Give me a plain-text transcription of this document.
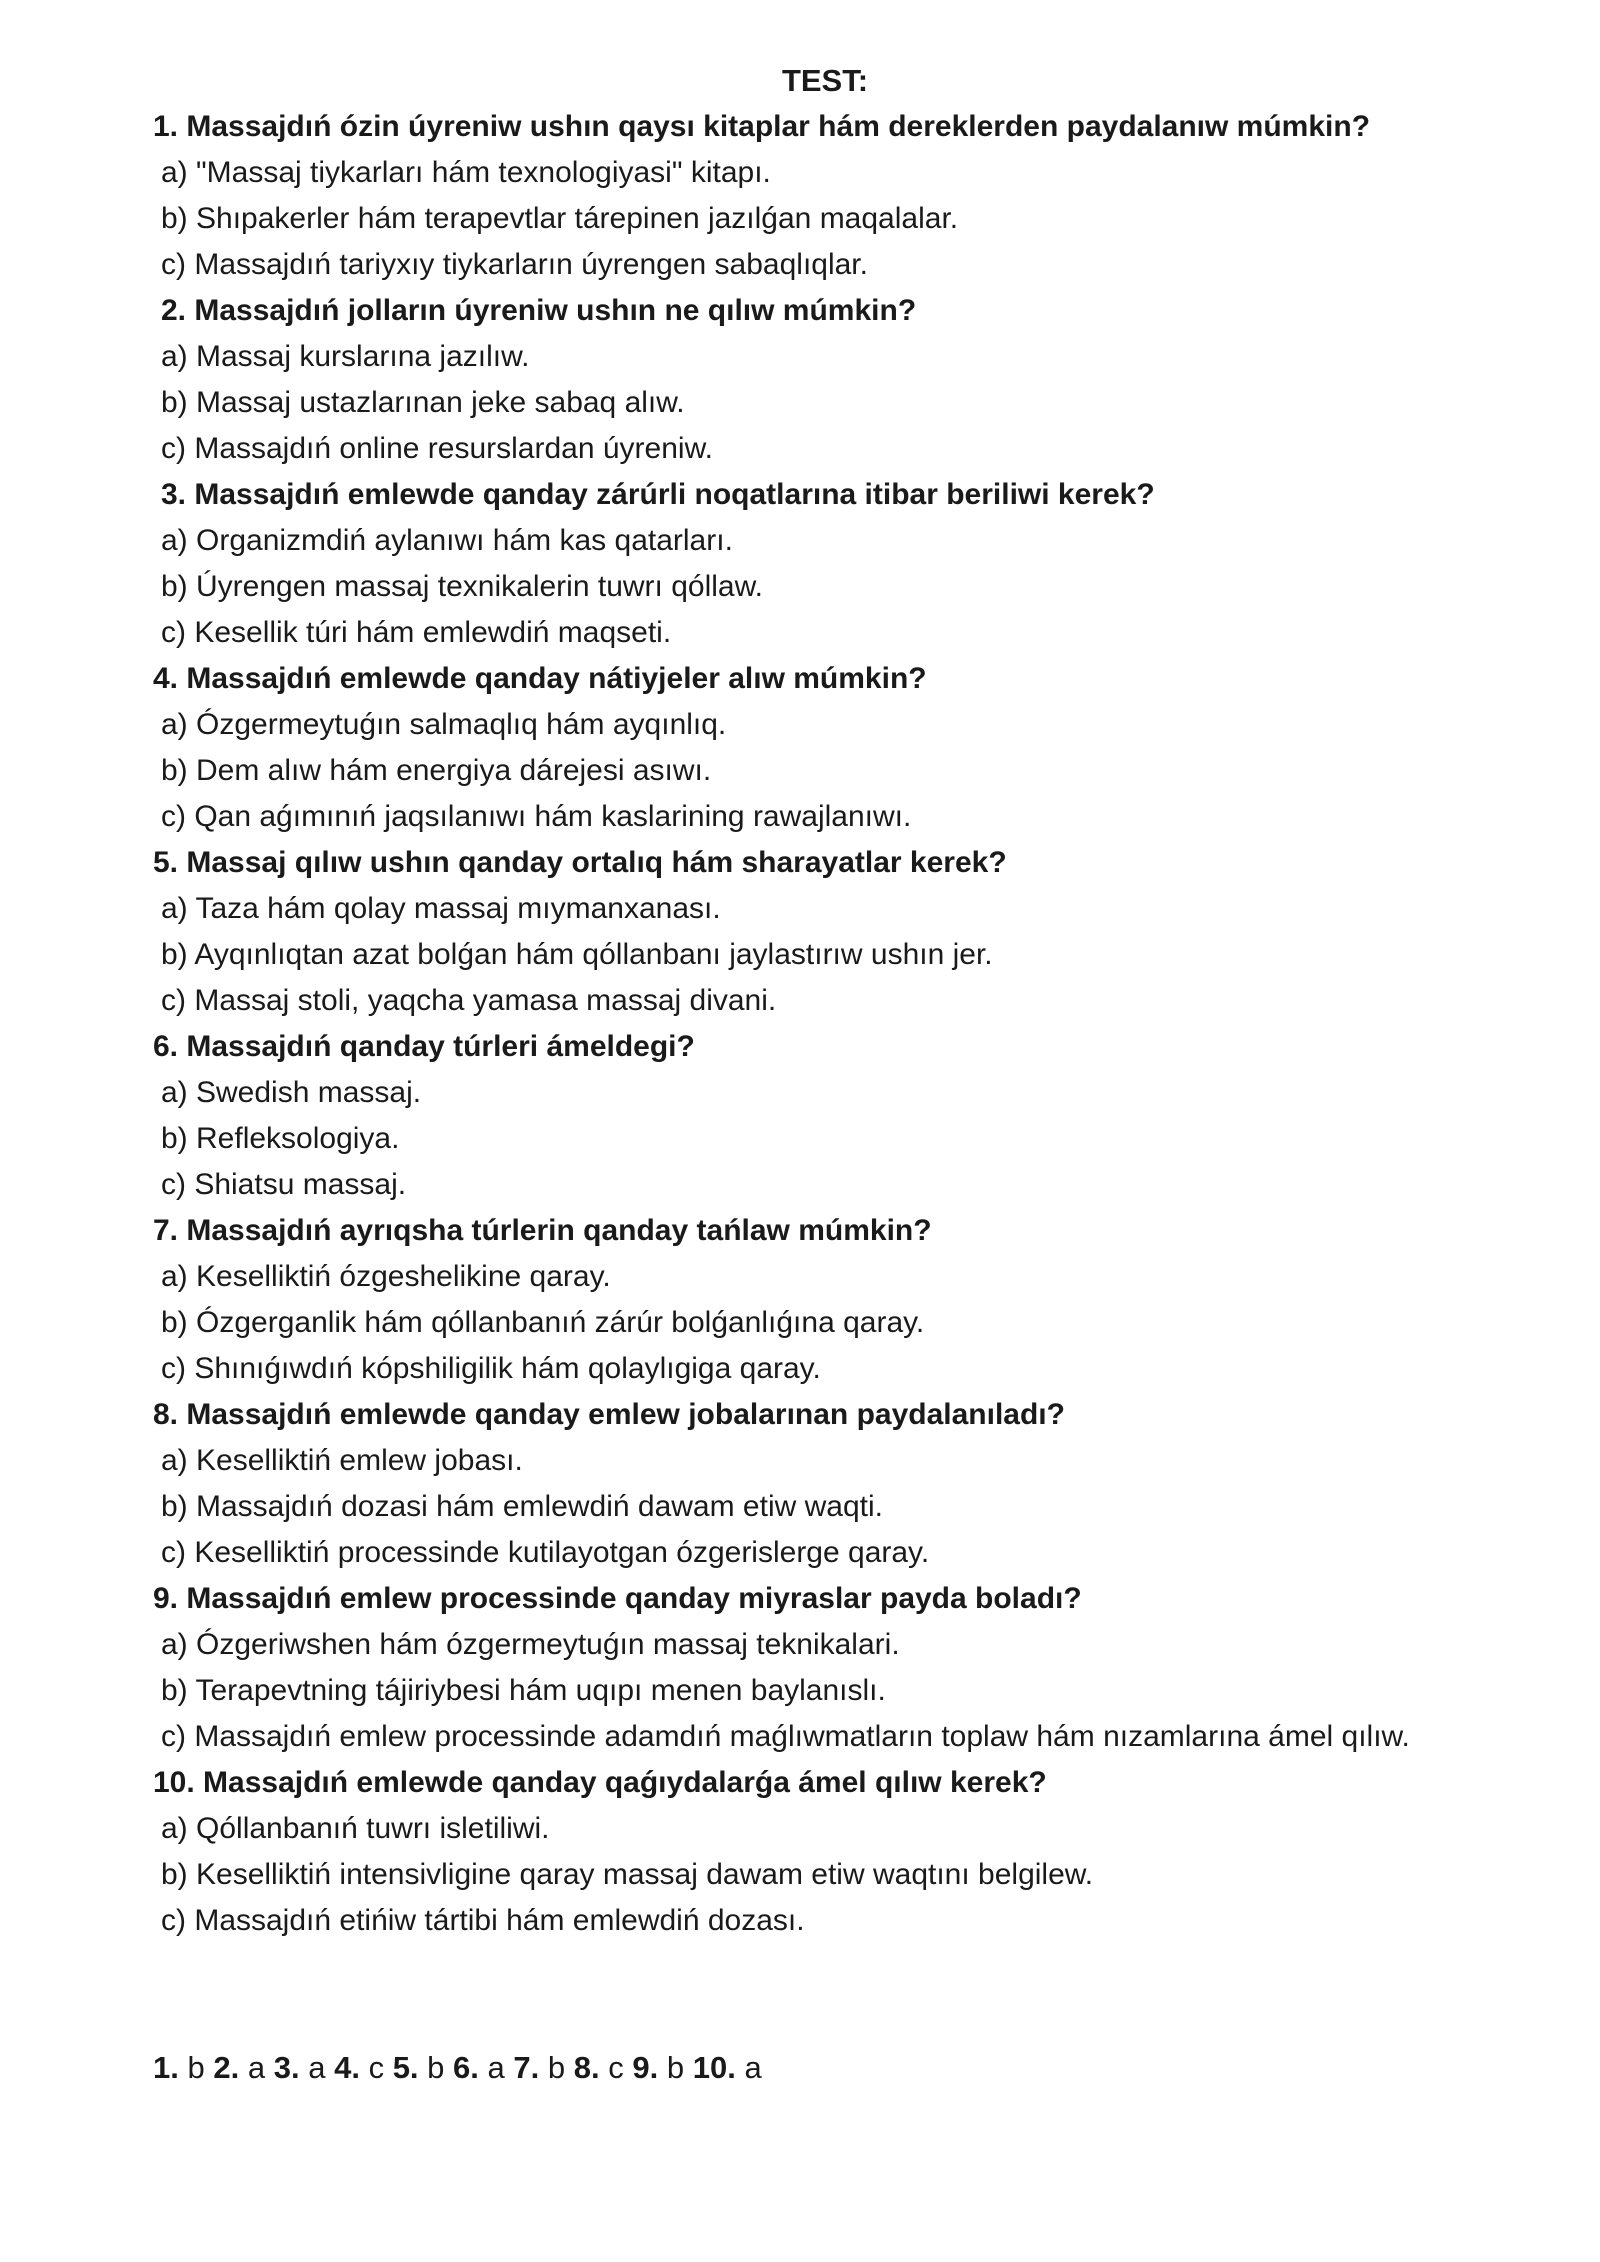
TEST:
1. Massajdıń ózin úyreniw ushın qaysı kitaplar hám dereklerden paydalanıw múmkin?
a) "Massaj tiykarları hám texnologiyasi" kitapı.
b) Shıpakerler hám terapevtlar tárepinen jazılǵan maqalalar.
c) Massajdıń tariyxıy tiykarların úyrengen sabaqlıqlar.
2. Massajdıń jolların úyreniw ushın ne qılıw múmkin?
a) Massaj kurslarına jazılıw.
b) Massaj ustazlarınan jeke sabaq alıw.
c) Massajdıń online resurslardan úyreniw.
3. Massajdıń emlewde qanday zárúrli noqatlarına itibar beriliwi kerek?
a) Organizmdiń aylanıwı hám kas qatarları.
b) Úyrengen massaj texnikalerin tuwrı qóllaw.
c) Kesellik túri hám emlewdiń maqseti.
4. Massajdıń emlewde qanday nátiyjeler alıw múmkin?
a) Ózgermeytuǵın salmaqlıq hám ayqınlıq.
b) Dem alıw hám energiya dárejesi asıwı.
c) Qan aǵımınıń jaqsılanıwı hám kaslarining rawajlanıwı.
5. Massaj qılıw ushın qanday ortalıq hám sharayatlar kerek?
a) Taza hám qolay massaj mıymanxanası.
b) Ayqınlıqtan azat bolǵan hám qóllanbanı jaylastırıw ushın jer.
c) Massaj stoli, yaqcha yamasa massaj divani.
6. Massajdıń qanday túrleri ámeldegi?
a) Swedish massaj.
b) Refleksologiya.
c) Shiatsu massaj.
7. Massajdıń ayrıqsha túrlerin qanday tańlaw múmkin?
a) Keselliktiń ózgeshelikine qaray.
b) Ózgerganlik hám qóllanbanıń zárúr bolǵanlıǵına qaray.
c) Shınıǵıwdıń kópshiligilik hám qolaylıgiga qaray.
8. Massajdıń emlewde qanday emlew jobalarınan paydalanıladı?
a) Keselliktiń emlew jobası.
b) Massajdıń dozasi hám emlewdiń dawam etiw waqti.
c) Keselliktiń processinde kutilayotgan ózgerislerge qaray.
9. Massajdıń emlew processinde qanday miyraslar payda boladı?
a) Ózgeriwshen hám ózgermeytuǵın massaj teknikalari.
b) Terapevtning tájiriybesi hám uqıpı menen baylanıslı.
c) Massajdıń emlew processinde adamdıń maǵlıwmatların toplaw hám nızamlarına ámel qılıw.
10. Massajdıń emlewde qanday qaǵıydalarǵa ámel qılıw kerek?
a) Qóllanbanıń tuwrı isletiliwi.
b) Keselliktiń intensivligine qaray massaj dawam etiw waqtını belgilew.
c) Massajdıń etińiw tártibi hám emlewdiń dozası.
1. b 2. a 3. a 4. c 5. b 6. a 7. b 8. c 9. b 10. a
